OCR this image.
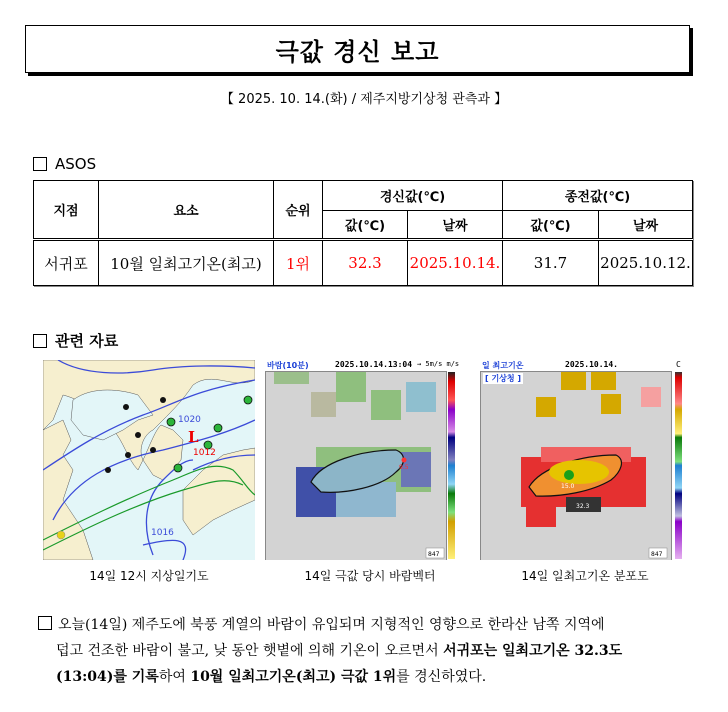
극값 경신 보고
【 2025. 10. 14.(화) / 제주지방기상청 관측과 】
ASOS
지점	요소	순위	경신값(℃)		종전값(℃)	
			값(℃)	날짜	값(℃)	날짜
서귀포	10월 일최고기온(최고)	1위	32.3	2025.10.14.	31.7	2025.10.12.
관련 자료
1020
L
1012
1016
14일 12시 지상일기도
바람(10분)	2025.10.14.13:04 → 5m/s m/s
9.5
847
14일 극값 당시 바람벡터
일 최고기온	2025.10.14.	C
[ 기상청 ]
15.0
32.3
847
14일 일최고기온 분포도
오늘(14일) 제주도에 북풍 계열의 바람이 유입되며 지형적인 영향으로 한라산 남쪽 지역에
덥고 건조한 바람이 불고, 낮 동안 햇볕에 의해 기온이 오르면서 서귀포는 일최고기온 32.3도
(13:04)를 기록하여 10월 일최고기온(최고) 극값 1위를 경신하였다.
